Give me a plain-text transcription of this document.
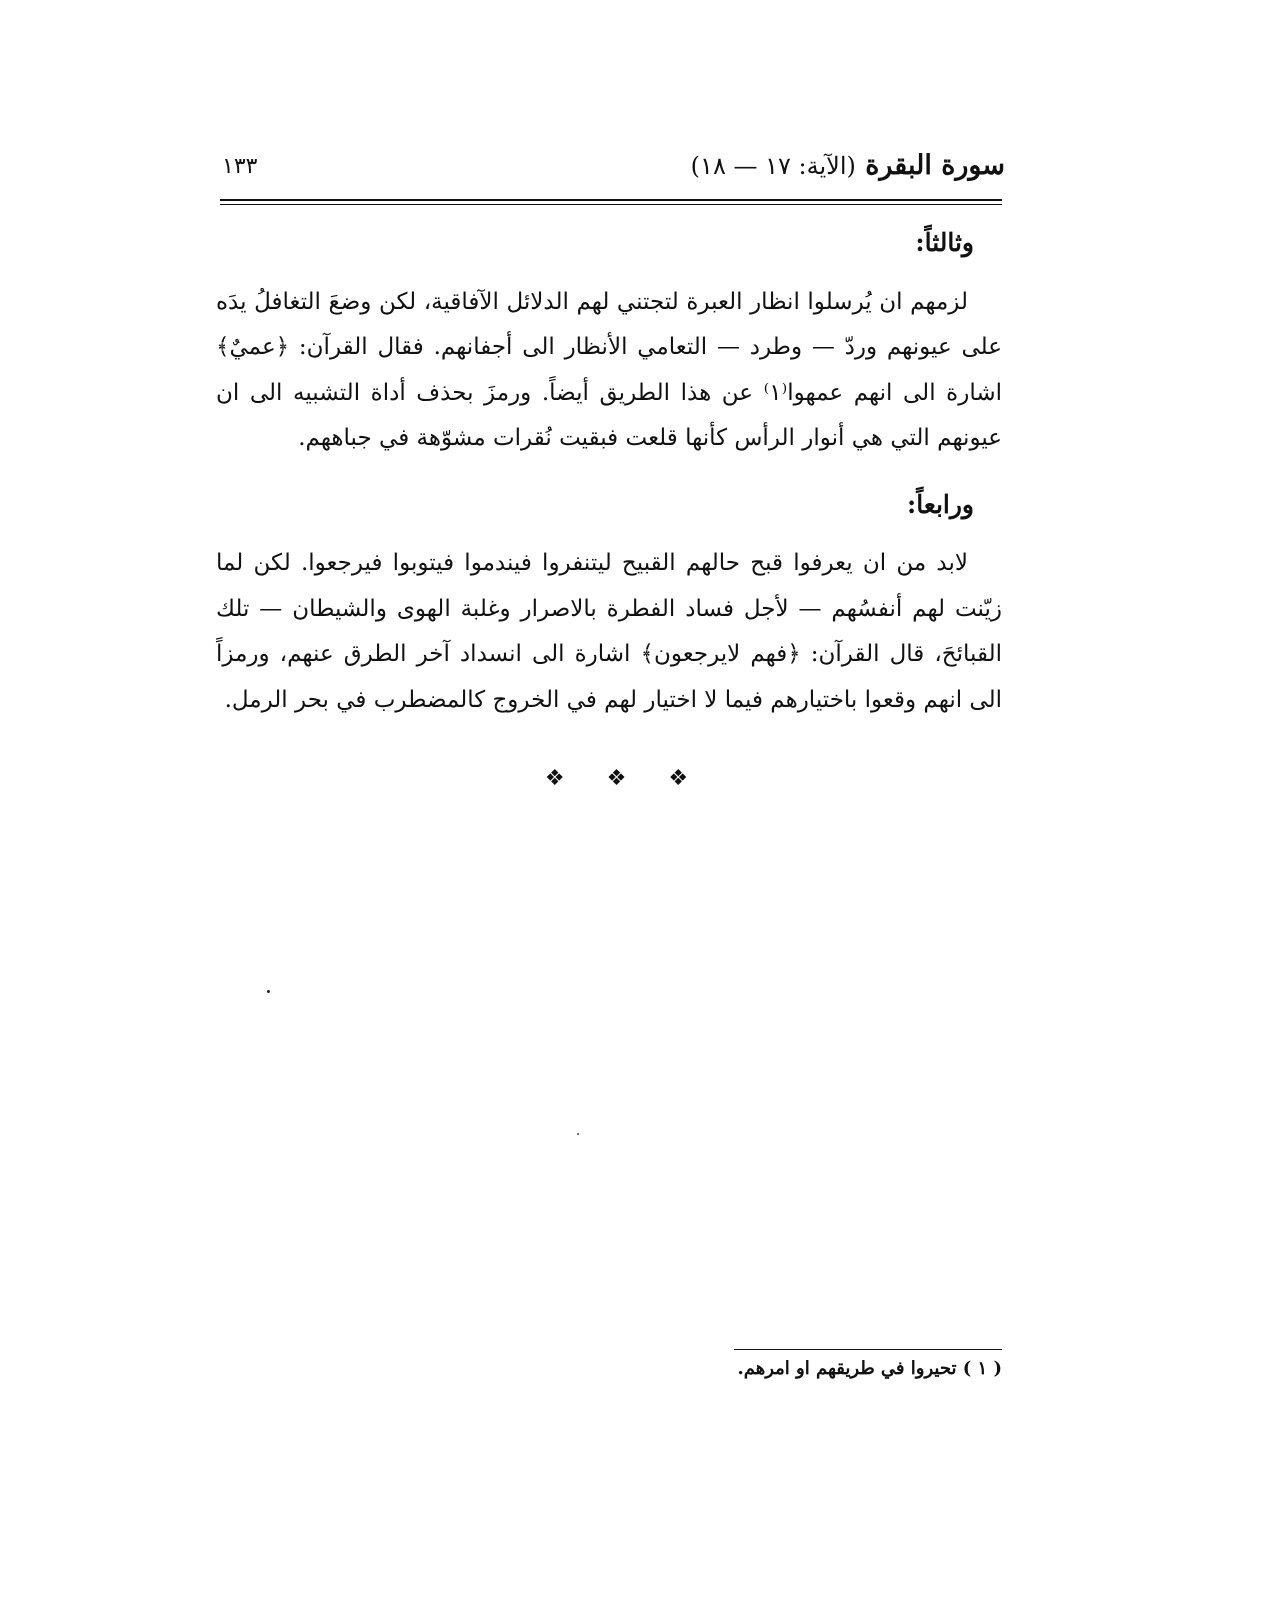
١٣٣	سورة البقرة (الآية: ١٧ — ١٨)
وثالثاً:

لزمهم ان يُرسلوا انظار العبرة لتجتني لهم الدلائل الآفاقية، لكن وضعَ التغافلُ يدَه على عيونهم وردّ — وطرد — التعامي الأنظار الى أجفانهم. فقال القرآن: ﴿عميٌ﴾ اشارة الى انهم عمهوا⁽١⁾ عن هذا الطريق أيضاً. ورمزَ بحذف أداة التشبيه الى ان عيونهم التي هي أنوار الرأس كأنها قلعت فبقيت نُقرات مشوّهة في جباههم.

ورابعاً:

لابد من ان يعرفوا قبح حالهم القبيح ليتنفروا فيندموا فيتوبوا فيرجعوا. لكن لما زيّنت لهم أنفسُهم — لأجل فساد الفطرة بالاصرار وغلبة الهوى والشيطان — تلك القبائحَ، قال القرآن: ﴿فهم لايرجعون﴾ اشارة الى انسداد آخر الطرق عنهم، ورمزاً الى انهم وقعوا باختيارهم فيما لا اختيار لهم في الخروج كالمضطرب في بحر الرمل.

❖❖❖
( ١ ) تحيروا في طريقهم او امرهم.
